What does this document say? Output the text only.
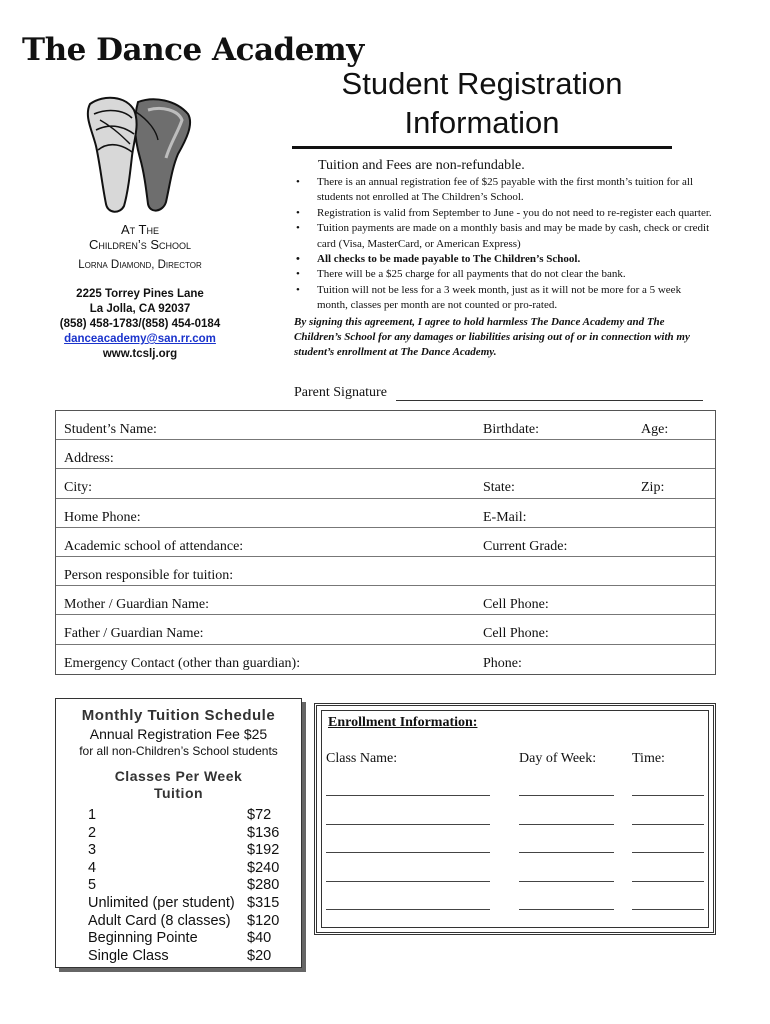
The Dance Academy
Student Registration Information
At The
Children’s School
Lorna Diamond, Director
2225 Torrey Pines Lane
La Jolla, CA 92037
(858) 458-1783/(858) 454-0184
danceacademy@san.rr.com
www.tcslj.org
Tuition and Fees are non-refundable.
• There is an annual registration fee of $25 payable with the first month’s tuition for all students not enrolled at The Children’s School.
• Registration is valid from September to June - you do not need to re-register each quarter.
• Tuition payments are made on a monthly basis and may be made by cash, check or credit card (Visa, MasterCard, or American Express)
• All checks to be made payable to The Children’s School.
• There will be a $25 charge for all payments that do not clear the bank.
• Tuition will not be less for a 3 week month, just as it will not be more for a 5 week month, classes per month are not counted or pro-rated.
By signing this agreement, I agree to hold harmless The Dance Academy and The Children’s School for any damages or liabilities arising out of or in connection with my student’s enrollment at The Dance Academy.
Parent Signature
Student’s Name:	Birthdate:	Age:
Address:
City:	State:	Zip:
Home Phone:	E-Mail:
Academic school of attendance:	Current Grade:
Person responsible for tuition:
Mother / Guardian Name:	Cell Phone:
Father / Guardian Name:	Cell Phone:
Emergency Contact (other than guardian):	Phone:
Monthly Tuition Schedule
Annual Registration Fee $25
for all non-Children’s School students
Classes Per Week
Tuition
1	$72
2	$136
3	$192
4	$240
5	$280
Unlimited (per student) $315
Adult Card (8 classes) $120
Beginning Pointe	$40
Single Class	$20
Enrollment Information:
Class Name:	Day of Week:	Time:
